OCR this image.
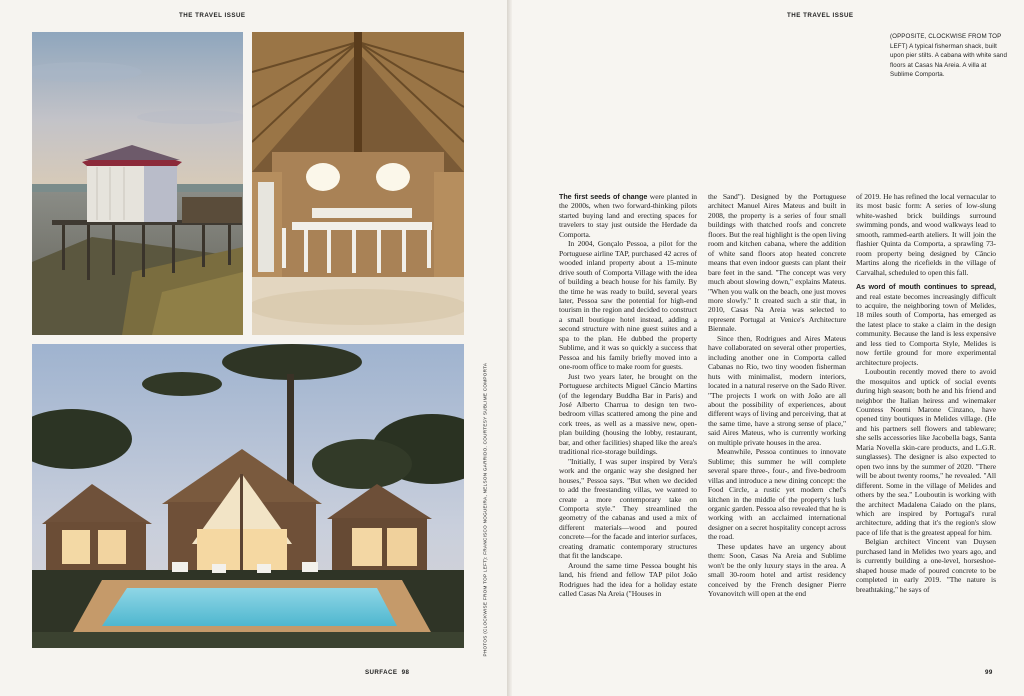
THE TRAVEL ISSUE
PHOTOS (CLOCKWISE FROM TOP LEFT): FRANCISCO NOGUEIRA, NELSON GARRIDO. COURTESY SUBLIME COMPORTA
SURFACE 98
THE TRAVEL ISSUE
(OPPOSITE, CLOCKWISE FROM TOP LEFT) A typical fisherman shack, built upon pier stilts. A cabana with white sand floors at Casas Na Areia. A villa at Sublime Comporta.

The first seeds of change were planted in the 2000s, when two forward-thinking pilots started buying land and erecting spaces for travelers to stay just outside the Herdade da Comporta.

In 2004, Gonçalo Pessoa, a pilot for the Portuguese airline TAP, purchased 42 acres of wooded inland property about a 15-minute drive south of Comporta Village with the idea of building a beach house for his family. By the time he was ready to build, several years later, Pessoa saw the potential for high-end tourism in the region and decided to construct a small boutique hotel instead, adding a second structure with nine guest suites and a spa to the plan. He dubbed the property Sublime, and it was so quickly a success that Pessoa and his family briefly moved into a one-room office to make room for guests.

Just two years later, he brought on the Portuguese architects Miguel Câncio Martins (of the legendary Buddha Bar in Paris) and José Alberto Charrua to design ten two-bedroom villas scattered among the pine and cork trees, as well as a massive new, open-plan building (housing the lobby, restaurant, bar, and other facilities) shaped like the area's traditional rice-storage buildings.

"Initially, I was super inspired by Vera's work and the organic way she designed her houses," Pessoa says. "But when we decided to add the freestanding villas, we wanted to create a more contemporary take on Comporta style." They streamlined the geometry of the cabanas and used a mix of different materials—wood and poured concrete—for the facade and interior surfaces, creating dramatic contemporary structures that fit the landscape.

Around the same time Pessoa bought his land, his friend and fellow TAP pilot João Rodrigues had the idea for a holiday estate called Casas Na Areia ("Houses in

the Sand"). Designed by the Portuguese architect Manuel Aires Mateus and built in 2008, the property is a series of four small buildings with thatched roofs and concrete floors. But the real highlight is the open living room and kitchen cabana, where the addition of white sand floors atop heated concrete means that even indoor guests can plant their bare feet in the sand. "The concept was very much about slowing down," explains Mateus. "When you walk on the beach, one just moves more slowly." It created such a stir that, in 2010, Casas Na Areia was selected to represent Portugal at Venice's Architecture Biennale.

Since then, Rodrigues and Aires Mateus have collaborated on several other properties, including another one in Comporta called Cabanas no Rio, two tiny wooden fisherman huts with minimalist, modern interiors, located in a natural reserve on the Sado River. "The projects I work on with João are all about the possibility of experiences, about different ways of living and perceiving, that at the same time, have a strong sense of place," said Aires Mateus, who is currently working on multiple private houses in the area.

Meanwhile, Pessoa continues to innovate Sublime; this summer he will complete several spare three-, four-, and five-bedroom villas and introduce a new dining concept: the Food Circle, a rustic yet modern chef's kitchen in the middle of the property's lush organic garden. Pessoa also revealed that he is working with an acclaimed international designer on a secret hospitality concept across the road.

These updates have an urgency about them: Soon, Casas Na Areia and Sublime won't be the only luxury stays in the area. A small 30-room hotel and artist residency conceived by the French designer Pierre Yovanovitch will open at the end

of 2019. He has refined the local vernacular to its most basic form: A series of low-slung white-washed brick buildings surround swimming ponds, and wood walkways lead to smooth, rammed-earth ateliers. It will join the flashier Quinta da Comporta, a sprawling 73-room property being designed by Câncio Martins along the ricefields in the village of Carvalhal, scheduled to open this fall.

As word of mouth continues to spread, and real estate becomes increasingly difficult to acquire, the neighboring town of Melides, 18 miles south of Comporta, has emerged as the latest place to stake a claim in the design community. Because the land is less expensive and less tied to Comporta Style, Melides is now fertile ground for more experimental architecture projects.

Louboutin recently moved there to avoid the mosquitos and uptick of social events during high season; both he and his friend and neighbor the Italian heiress and winemaker Countess Noemi Marone Cinzano, have opened tiny boutiques in Melides village. (He and his partners sell flowers and tableware; she sells accessories like Jacobella bags, Santa Maria Novella skin-care products, and L.G.R. sunglasses). The designer is also expected to open two inns by the summer of 2020. "There will be about twenty rooms," he revealed. "All different. Some in the village of Melides and others by the sea." Louboutin is working with the architect Madalena Caiado on the plans, which are inspired by Portugal's rural architecture, adding that it's the region's slow pace of life that is the greatest appeal for him.

Belgian architect Vincent van Duysen purchased land in Melides two years ago, and is currently building a one-level, horseshoe-shaped house made of poured concrete to be completed in early 2019. "The nature is breathtaking," he says of

99
